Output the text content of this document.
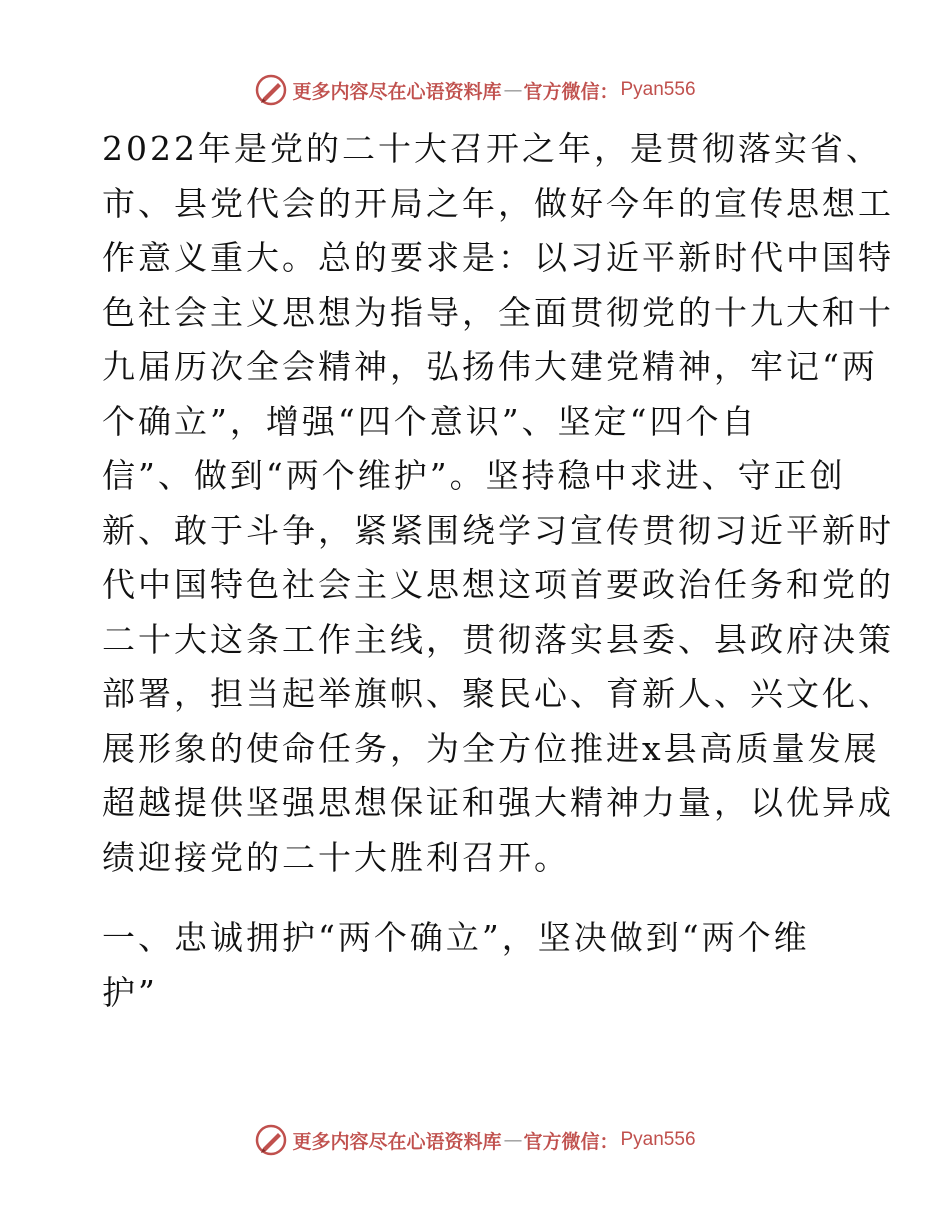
更多内容尽在心语资料库 — 官方微信： Pyan556
2022年是党的二十大召开之年，是贯彻落实省、
市、县党代会的开局之年，做好今年的宣传思想工
作意义重大。总的要求是：以习近平新时代中国特
色社会主义思想为指导，全面贯彻党的十九大和十
九届历次全会精神，弘扬伟大建党精神，牢记“两
个确立”，增强“四个意识”、坚定“四个自
信”、做到“两个维护”。坚持稳中求进、守正创
新、敢于斗争，紧紧围绕学习宣传贯彻习近平新时
代中国特色社会主义思想这项首要政治任务和党的
二十大这条工作主线，贯彻落实县委、县政府决策
部署，担当起举旗帜、聚民心、育新人、兴文化、
展形象的使命任务，为全方位推进x县高质量发展
超越提供坚强思想保证和强大精神力量，以优异成
绩迎接党的二十大胜利召开。
一、忠诚拥护“两个确立”，坚决做到“两个维
护”
更多内容尽在心语资料库 — 官方微信： Pyan556
